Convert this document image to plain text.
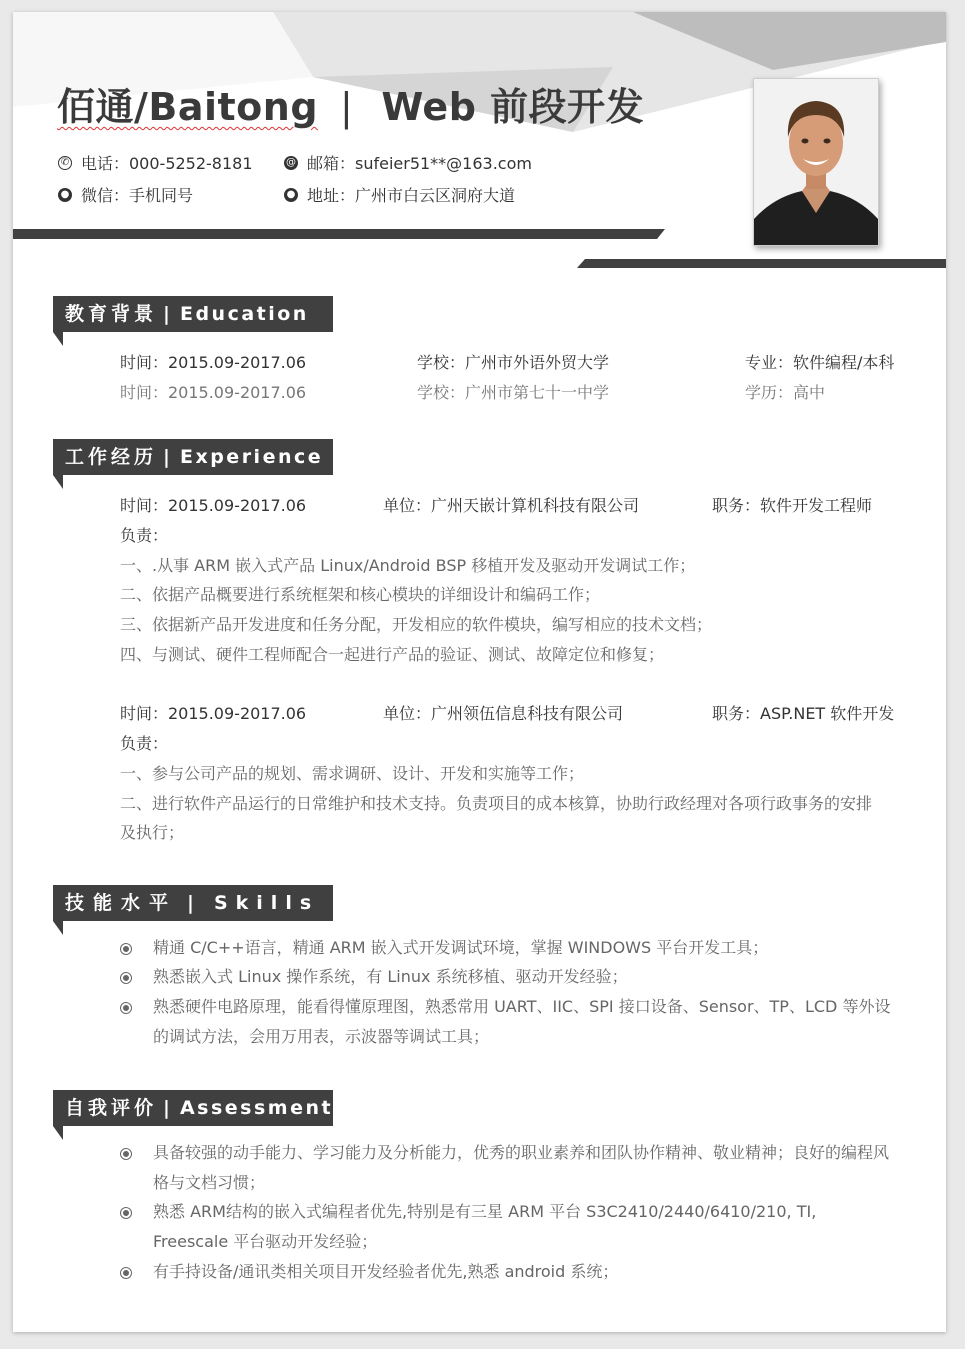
佰通/Baitong | Web 前段开发
✆ 电话：000-5252-8181	@ 邮箱：sufeier51**@163.com
● 微信：手机同号	● 地址：广州市白云区洞府大道
教育背景 | Education
时间：2015.09-2017.06	学校：广州市外语外贸大学	专业：软件编程/本科
时间：2015.09-2017.06	学校：广州市第七十一中学	学历：高中
工作经历 | Experience
时间：2015.09-2017.06	单位：广州天嵌计算机科技有限公司	职务：软件开发工程师
负责：
一、.从事 ARM 嵌入式产品 Linux/Android BSP 移植开发及驱动开发调试工作；
二、依据产品概要进行系统框架和核心模块的详细设计和编码工作；
三、依据新产品开发进度和任务分配，开发相应的软件模块，编写相应的技术文档；
四、与测试、硬件工程师配合一起进行产品的验证、测试、故障定位和修复；
时间：2015.09-2017.06	单位：广州领伍信息科技有限公司	职务：ASP.NET 软件开发
负责：
一、参与公司产品的规划、需求调研、设计、开发和实施等工作；
二、进行软件产品运行的日常维护和技术支持。负责项目的成本核算，协助行政经理对各项行政事务的安排
及执行；
技能水平 | Skills
精通 C/C++语言，精通 ARM 嵌入式开发调试环境，掌握 WINDOWS 平台开发工具；
熟悉嵌入式 Linux 操作系统，有 Linux 系统移植、驱动开发经验；
熟悉硬件电路原理，能看得懂原理图，熟悉常用 UART、IIC、SPI 接口设备、Sensor、TP、LCD 等外设的调试方法，会用万用表，示波器等调试工具；
自我评价 | Assessment
具备较强的动手能力、学习能力及分析能力，优秀的职业素养和团队协作精神、敬业精神；良好的编程风格与文档习惯；
熟悉 ARM结构的嵌入式编程者优先,特别是有三星 ARM 平台 S3C2410/2440/6410/210, TI, Freescale 平台驱动开发经验；
有手持设备/通讯类相关项目开发经验者优先,熟悉 android 系统；
